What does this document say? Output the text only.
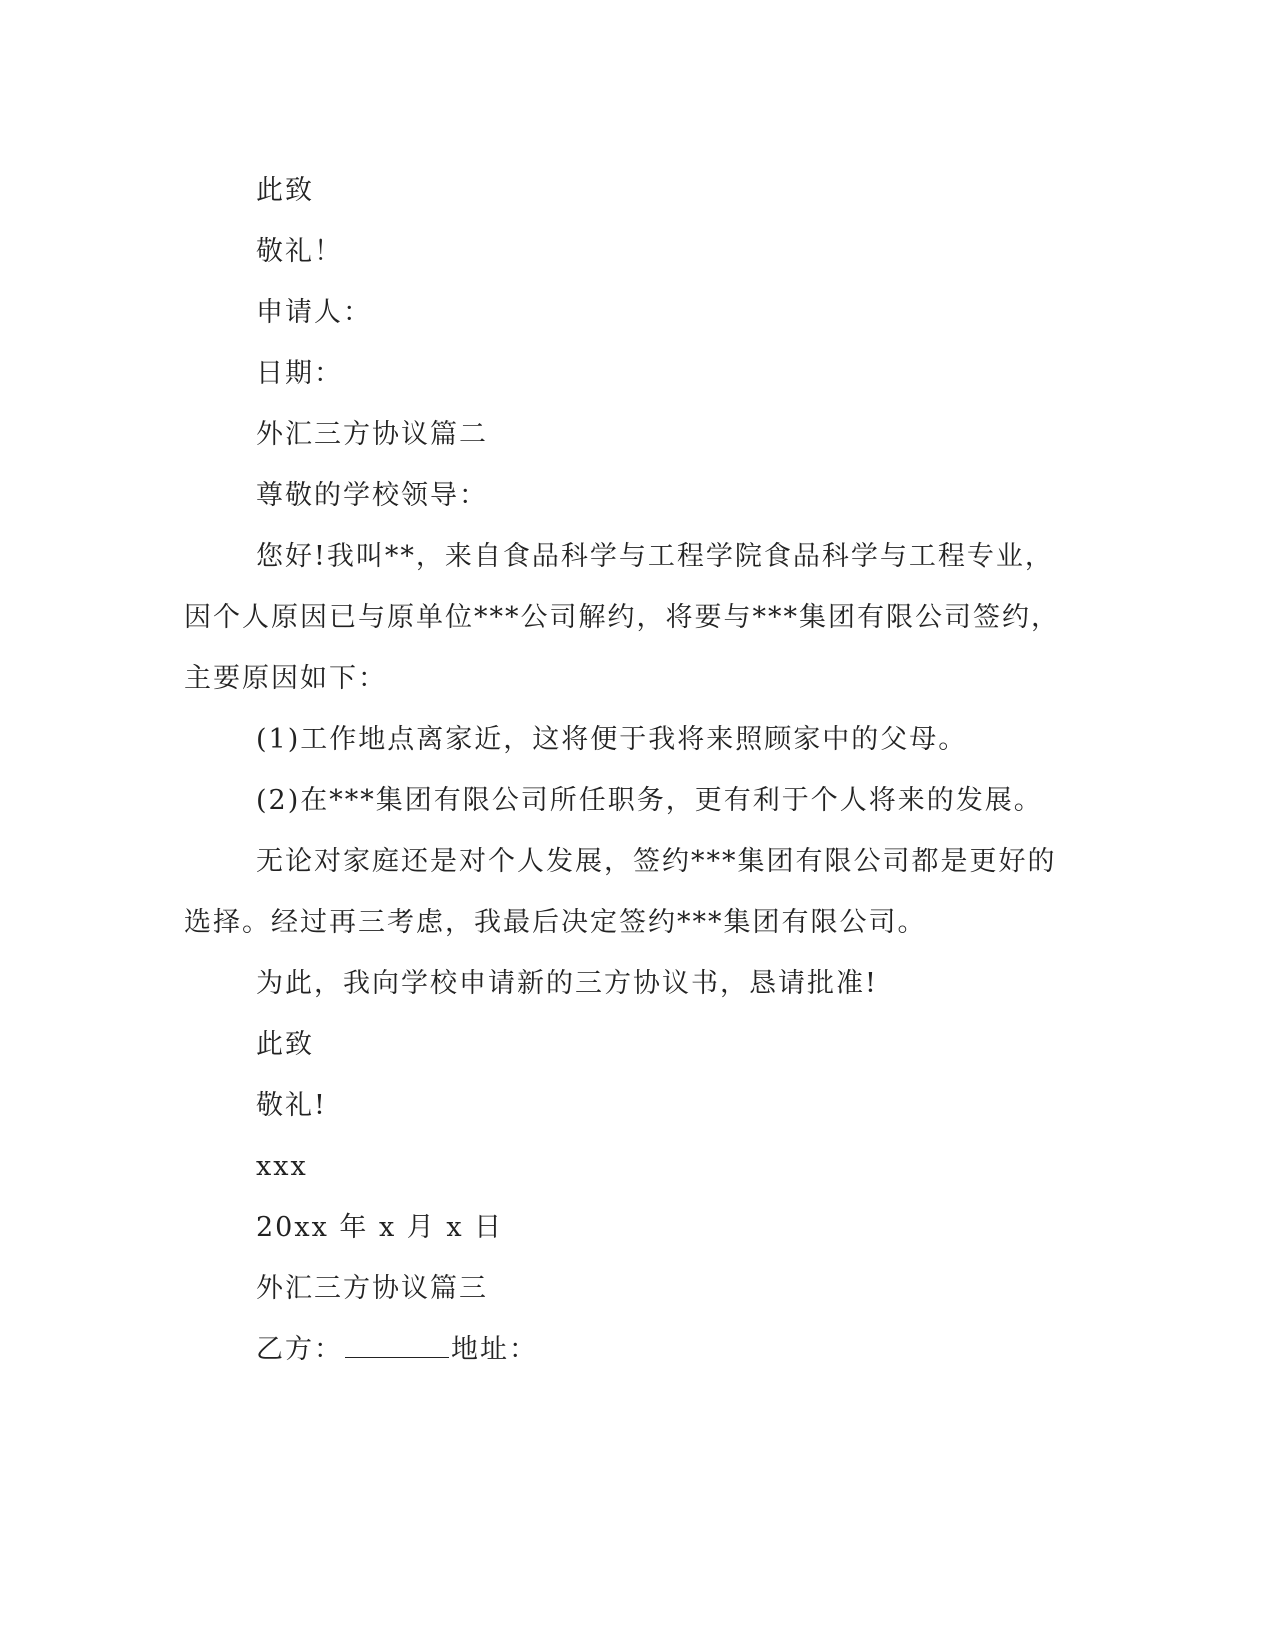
此致
敬礼！
申请人：
日期：
外汇三方协议篇二
尊敬的学校领导：
您好!我叫**，来自食品科学与工程学院食品科学与工程专业，
因个人原因已与原单位***公司解约，将要与***集团有限公司签约，
主要原因如下：
(1)工作地点离家近，这将便于我将来照顾家中的父母。
(2)在***集团有限公司所任职务，更有利于个人将来的发展。
无论对家庭还是对个人发展，签约***集团有限公司都是更好的
选择。经过再三考虑，我最后决定签约***集团有限公司。
为此，我向学校申请新的三方协议书，恳请批准!
此致
敬礼!
xxx
20xx 年 x 月 x 日
外汇三方协议篇三
乙方：	地址：
